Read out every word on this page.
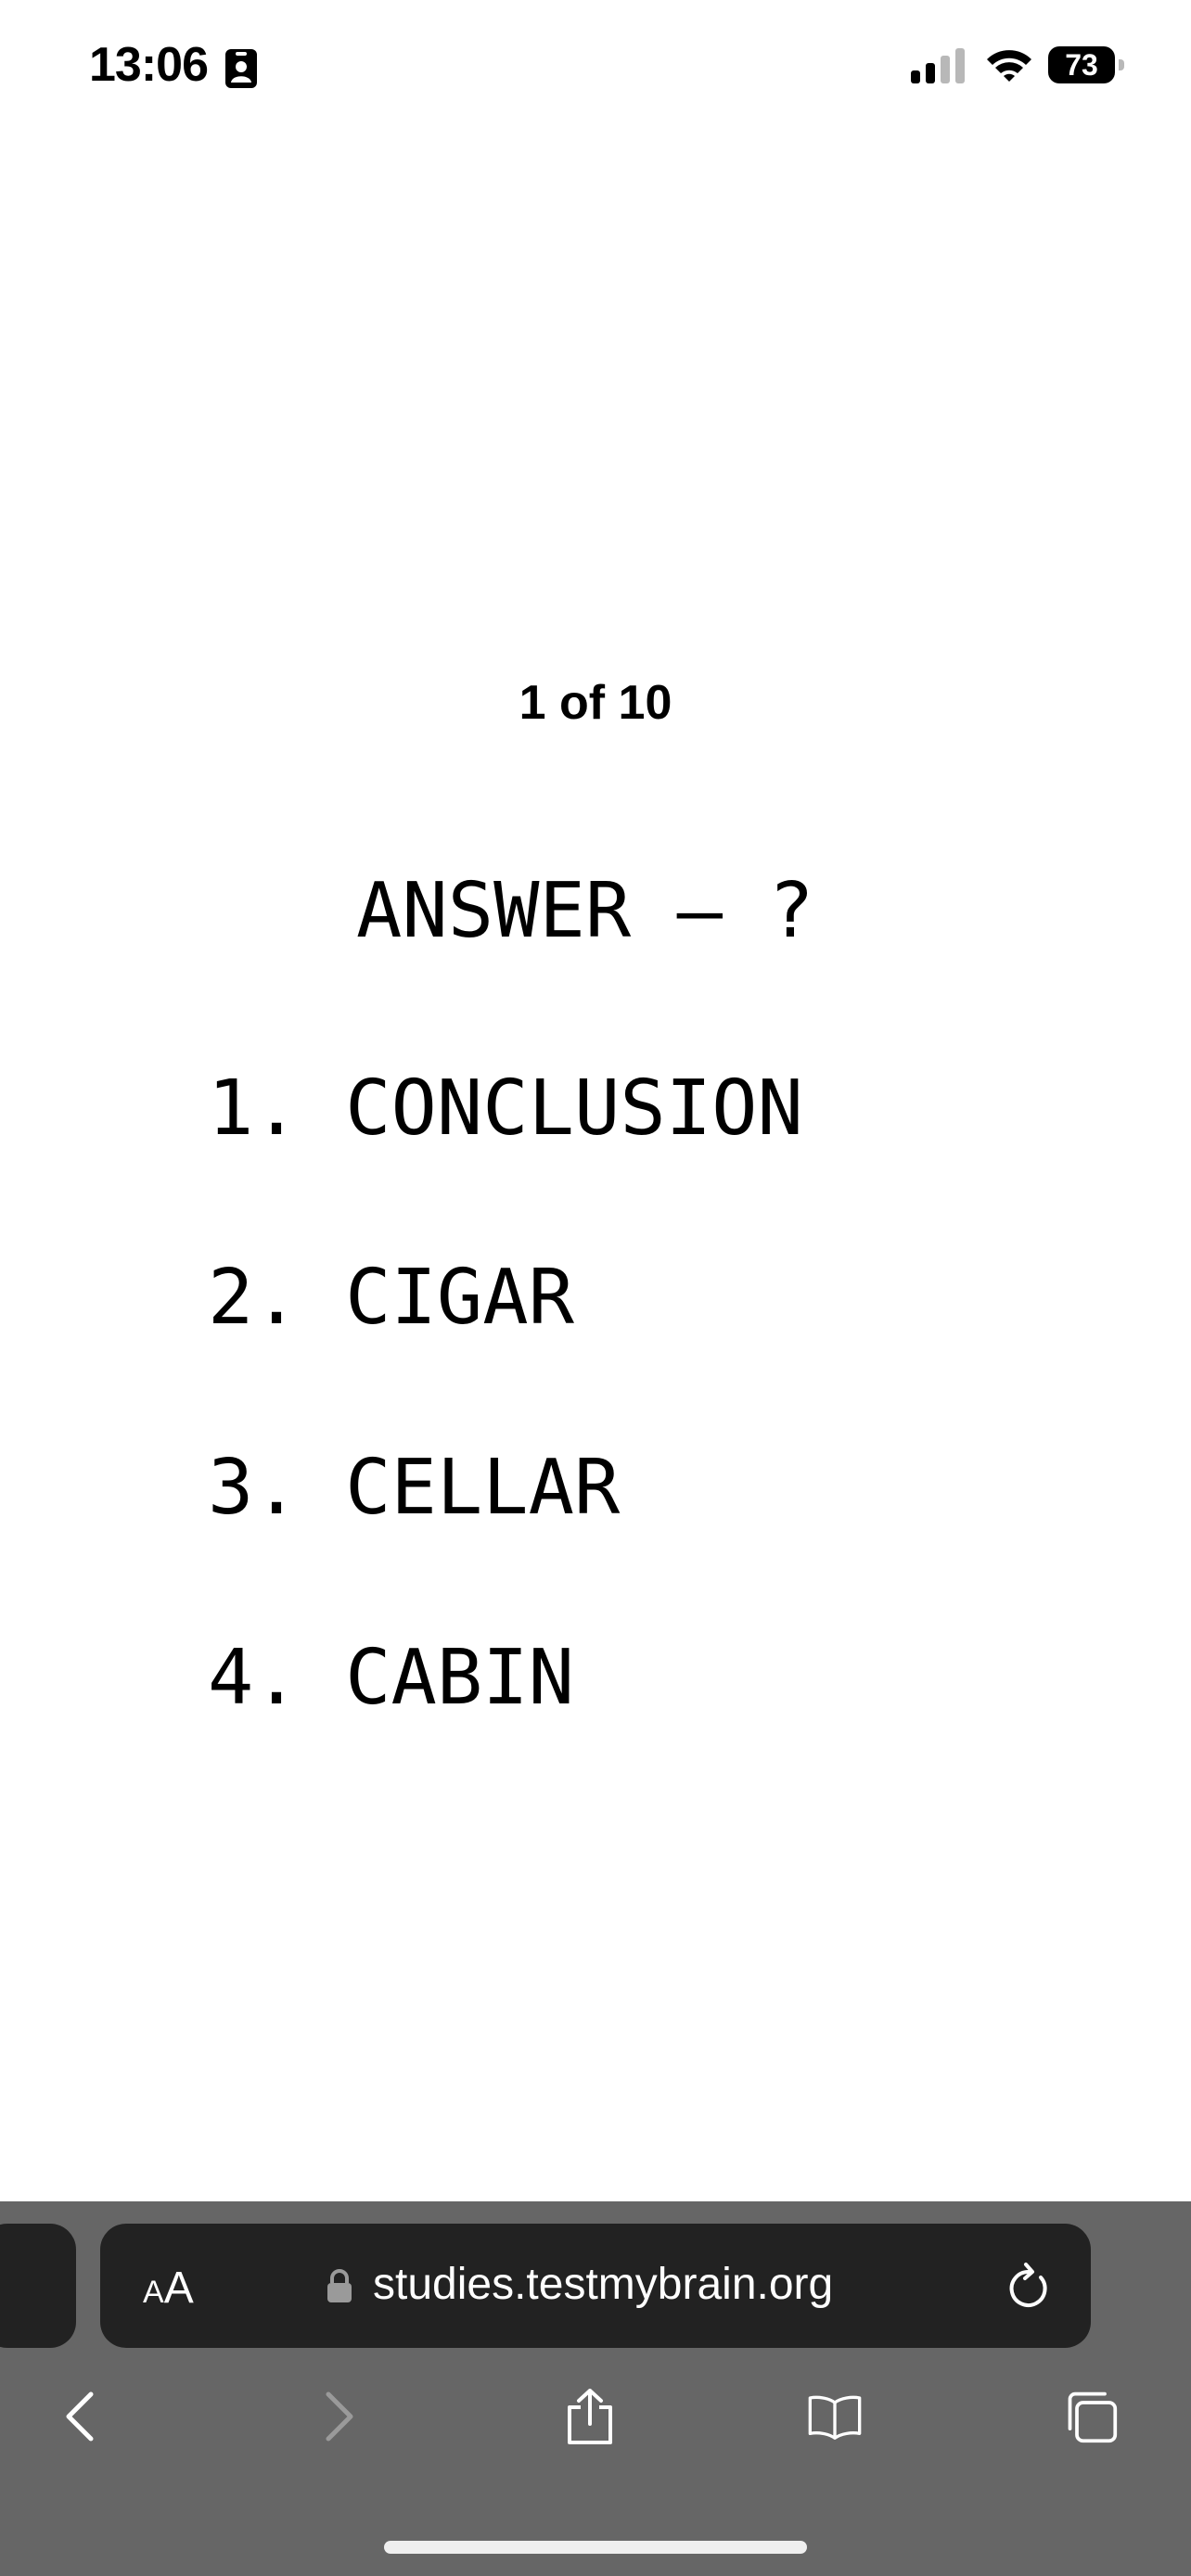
13:06	73
1 of 10
ANSWER – ?
1. CONCLUSION
2. CIGAR
3. CELLAR
4. CABIN
AA	studies.testmybrain.org
